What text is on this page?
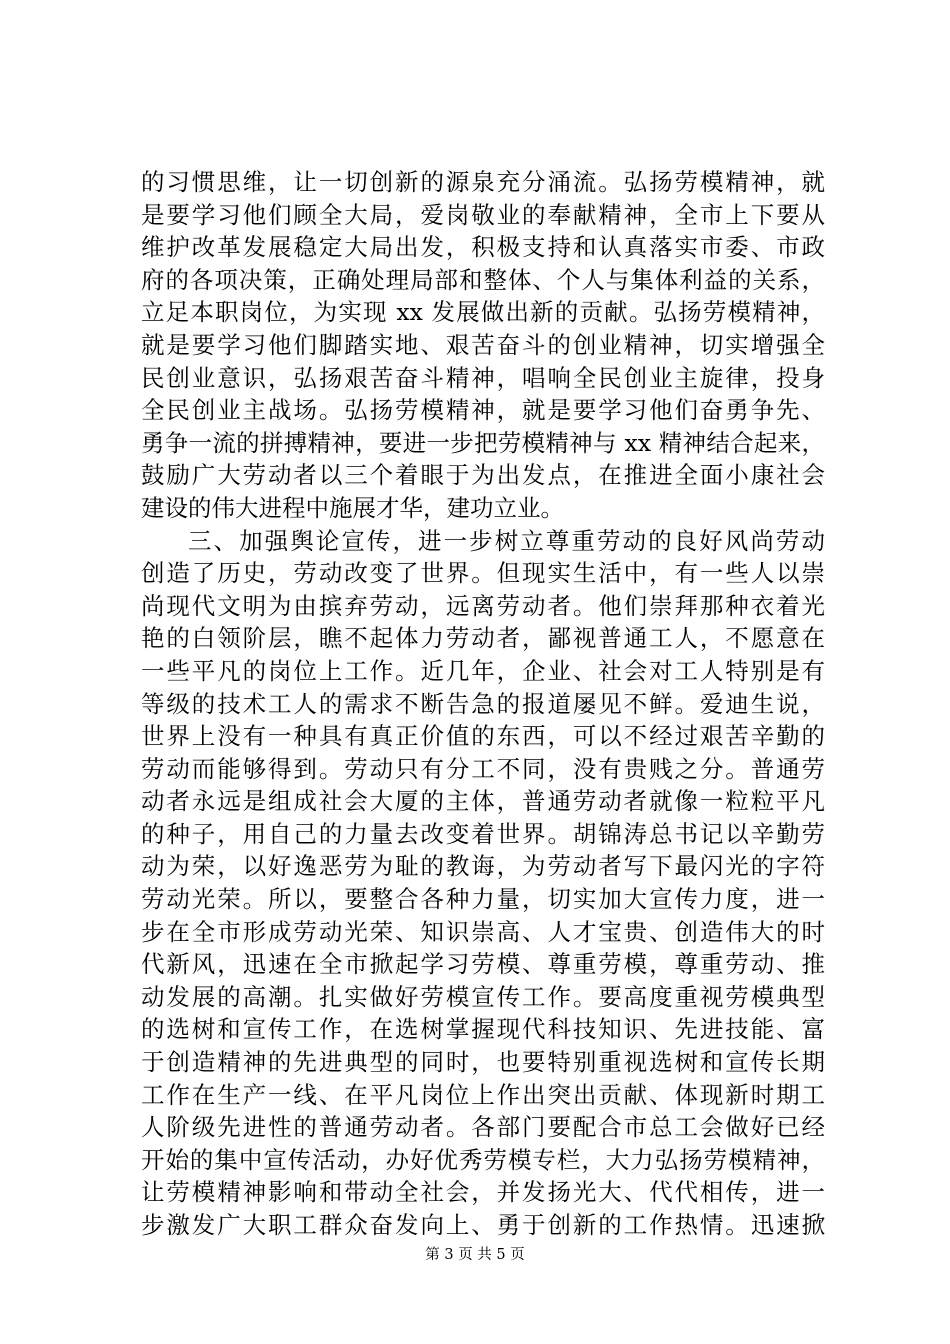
的习惯思维，让一切创新的源泉充分涌流。弘扬劳模精神，就
是要学习他们顾全大局，爱岗敬业的奉献精神，全市上下要从
维护改革发展稳定大局出发，积极支持和认真落实市委、市政
府的各项决策，正确处理局部和整体、个人与集体利益的关系，
立足本职岗位，为实现 xx 发展做出新的贡献。弘扬劳模精神，
就是要学习他们脚踏实地、艰苦奋斗的创业精神，切实增强全
民创业意识，弘扬艰苦奋斗精神，唱响全民创业主旋律，投身
全民创业主战场。弘扬劳模精神，就是要学习他们奋勇争先、
勇争一流的拼搏精神，要进一步把劳模精神与 xx 精神结合起来，
鼓励广大劳动者以三个着眼于为出发点，在推进全面小康社会
建设的伟大进程中施展才华，建功立业。
三、加强舆论宣传，进一步树立尊重劳动的良好风尚劳动
创造了历史，劳动改变了世界。但现实生活中，有一些人以崇
尚现代文明为由摈弃劳动，远离劳动者。他们崇拜那种衣着光
艳的白领阶层，瞧不起体力劳动者，鄙视普通工人，不愿意在
一些平凡的岗位上工作。近几年，企业、社会对工人特别是有
等级的技术工人的需求不断告急的报道屡见不鲜。爱迪生说，
世界上没有一种具有真正价值的东西，可以不经过艰苦辛勤的
劳动而能够得到。劳动只有分工不同，没有贵贱之分。普通劳
动者永远是组成社会大厦的主体，普通劳动者就像一粒粒平凡
的种子，用自己的力量去改变着世界。胡锦涛总书记以辛勤劳
动为荣，以好逸恶劳为耻的教诲，为劳动者写下最闪光的字符
劳动光荣。所以，要整合各种力量，切实加大宣传力度，进一
步在全市形成劳动光荣、知识崇高、人才宝贵、创造伟大的时
代新风，迅速在全市掀起学习劳模、尊重劳模，尊重劳动、推
动发展的高潮。扎实做好劳模宣传工作。要高度重视劳模典型
的选树和宣传工作，在选树掌握现代科技知识、先进技能、富
于创造精神的先进典型的同时，也要特别重视选树和宣传长期
工作在生产一线、在平凡岗位上作出突出贡献、体现新时期工
人阶级先进性的普通劳动者。各部门要配合市总工会做好已经
开始的集中宣传活动，办好优秀劳模专栏，大力弘扬劳模精神，
让劳模精神影响和带动全社会，并发扬光大、代代相传，进一
步激发广大职工群众奋发向上、勇于创新的工作热情。迅速掀
第 3 页 共 5 页
